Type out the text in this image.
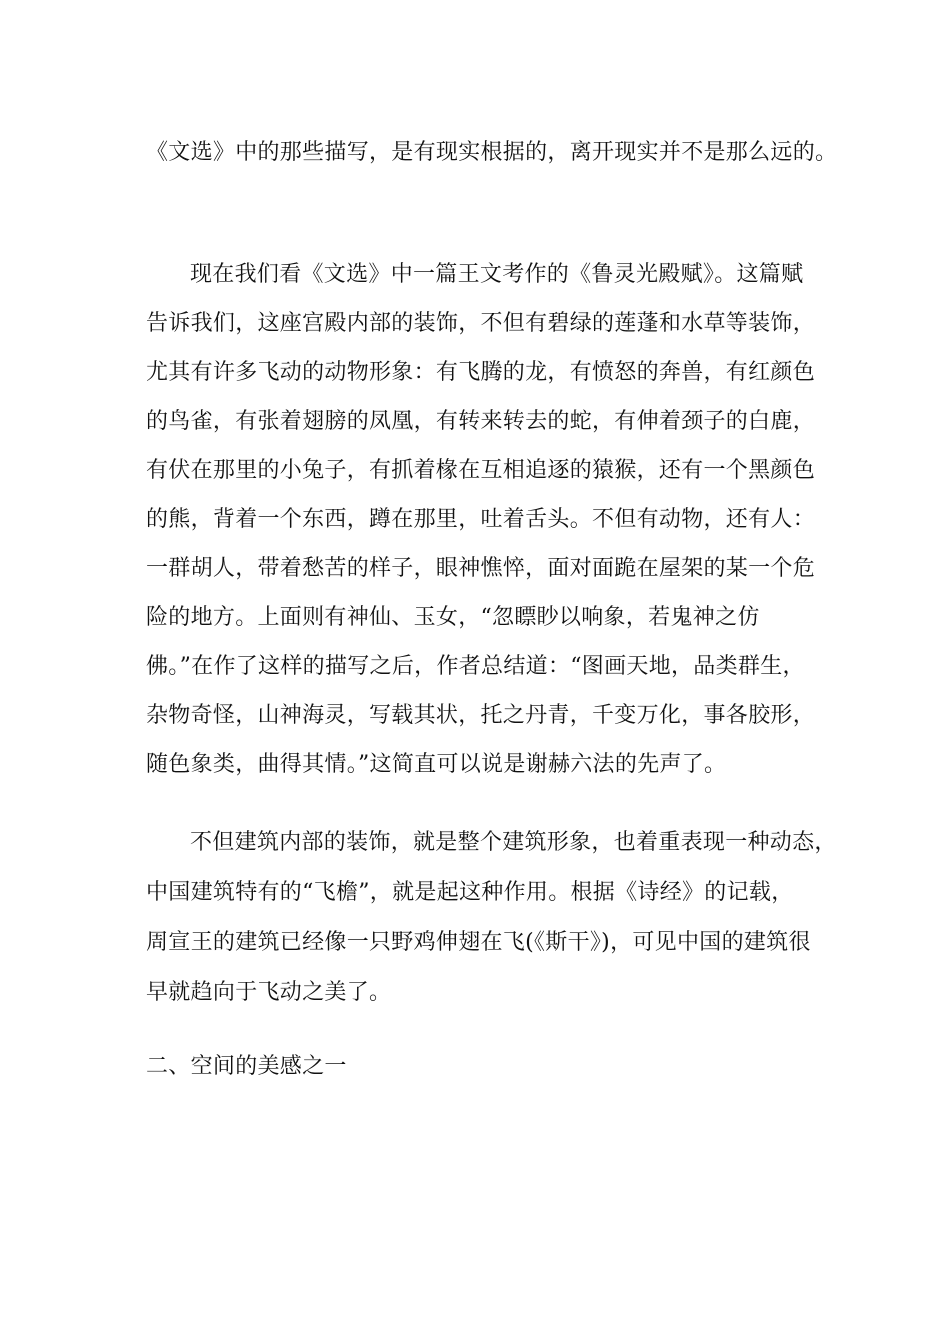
《文选》中的那些描写，是有现实根据的，离开现实并不是那么远的。
现在我们看《文选》中一篇王文考作的《鲁灵光殿赋》。这篇赋
告诉我们，这座宫殿内部的装饰，不但有碧绿的莲蓬和水草等装饰，
尤其有许多飞动的动物形象：有飞腾的龙，有愤怒的奔兽，有红颜色
的鸟雀，有张着翅膀的凤凰，有转来转去的蛇，有伸着颈子的白鹿，
有伏在那里的小兔子，有抓着椽在互相追逐的猿猴，还有一个黑颜色
的熊，背着一个东西，蹲在那里，吐着舌头。不但有动物，还有人：
一群胡人，带着愁苦的样子，眼神憔悴，面对面跪在屋架的某一个危
险的地方。上面则有神仙、玉女，“忽瞟眇以响象，若鬼神之仿
佛。”在作了这样的描写之后，作者总结道：“图画天地，品类群生，
杂物奇怪，山神海灵，写载其状，托之丹青，千变万化，事各胶形，
随色象类，曲得其情。”这简直可以说是谢赫六法的先声了。
不但建筑内部的装饰，就是整个建筑形象，也着重表现一种动态，
中国建筑特有的“飞檐”，就是起这种作用。根据《诗经》的记载，
周宣王的建筑已经像一只野鸡伸翅在飞(《斯干》)，可见中国的建筑很
早就趋向于飞动之美了。
二、空间的美感之一
